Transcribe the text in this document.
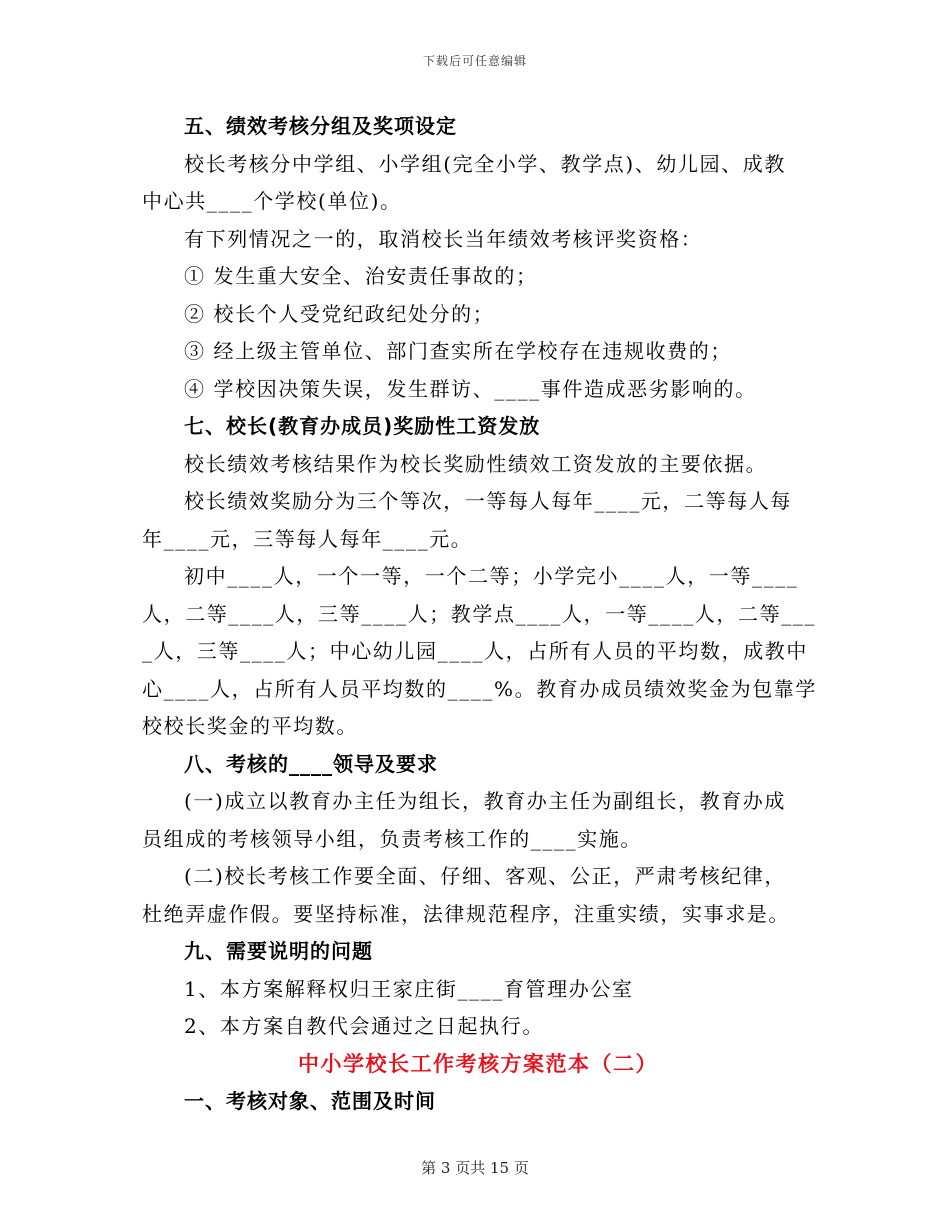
下载后可任意编辑
五、绩效考核分组及奖项设定
校长考核分中学组、小学组(完全小学、教学点)、幼儿园、成教
中心共____个学校(单位)。
有下列情况之一的，取消校长当年绩效考核评奖资格：
① 发生重大安全、治安责任事故的；
② 校长个人受党纪政纪处分的；
③ 经上级主管单位、部门查实所在学校存在违规收费的；
④ 学校因决策失误，发生群访、____事件造成恶劣影响的。
七、校长(教育办成员)奖励性工资发放
校长绩效考核结果作为校长奖励性绩效工资发放的主要依据。
校长绩效奖励分为三个等次，一等每人每年____元，二等每人每
年____元，三等每人每年____元。
初中____人，一个一等，一个二等；小学完小____人，一等____
人，二等____人，三等____人；教学点____人，一等____人，二等___
_人，三等____人；中心幼儿园____人，占所有人员的平均数，成教中
心____人，占所有人员平均数的____%。教育办成员绩效奖金为包靠学
校校长奖金的平均数。
八、考核的____领导及要求
(一)成立以教育办主任为组长，教育办主任为副组长，教育办成
员组成的考核领导小组，负责考核工作的____实施。
(二)校长考核工作要全面、仔细、客观、公正，严肃考核纪律，
杜绝弄虚作假。要坚持标准，法律规范程序，注重实绩，实事求是。
九、需要说明的问题
1、本方案解释权归王家庄街____育管理办公室
2、本方案自教代会通过之日起执行。
中小学校长工作考核方案范本（二）
一、考核对象、范围及时间
第 3 页共 15 页
